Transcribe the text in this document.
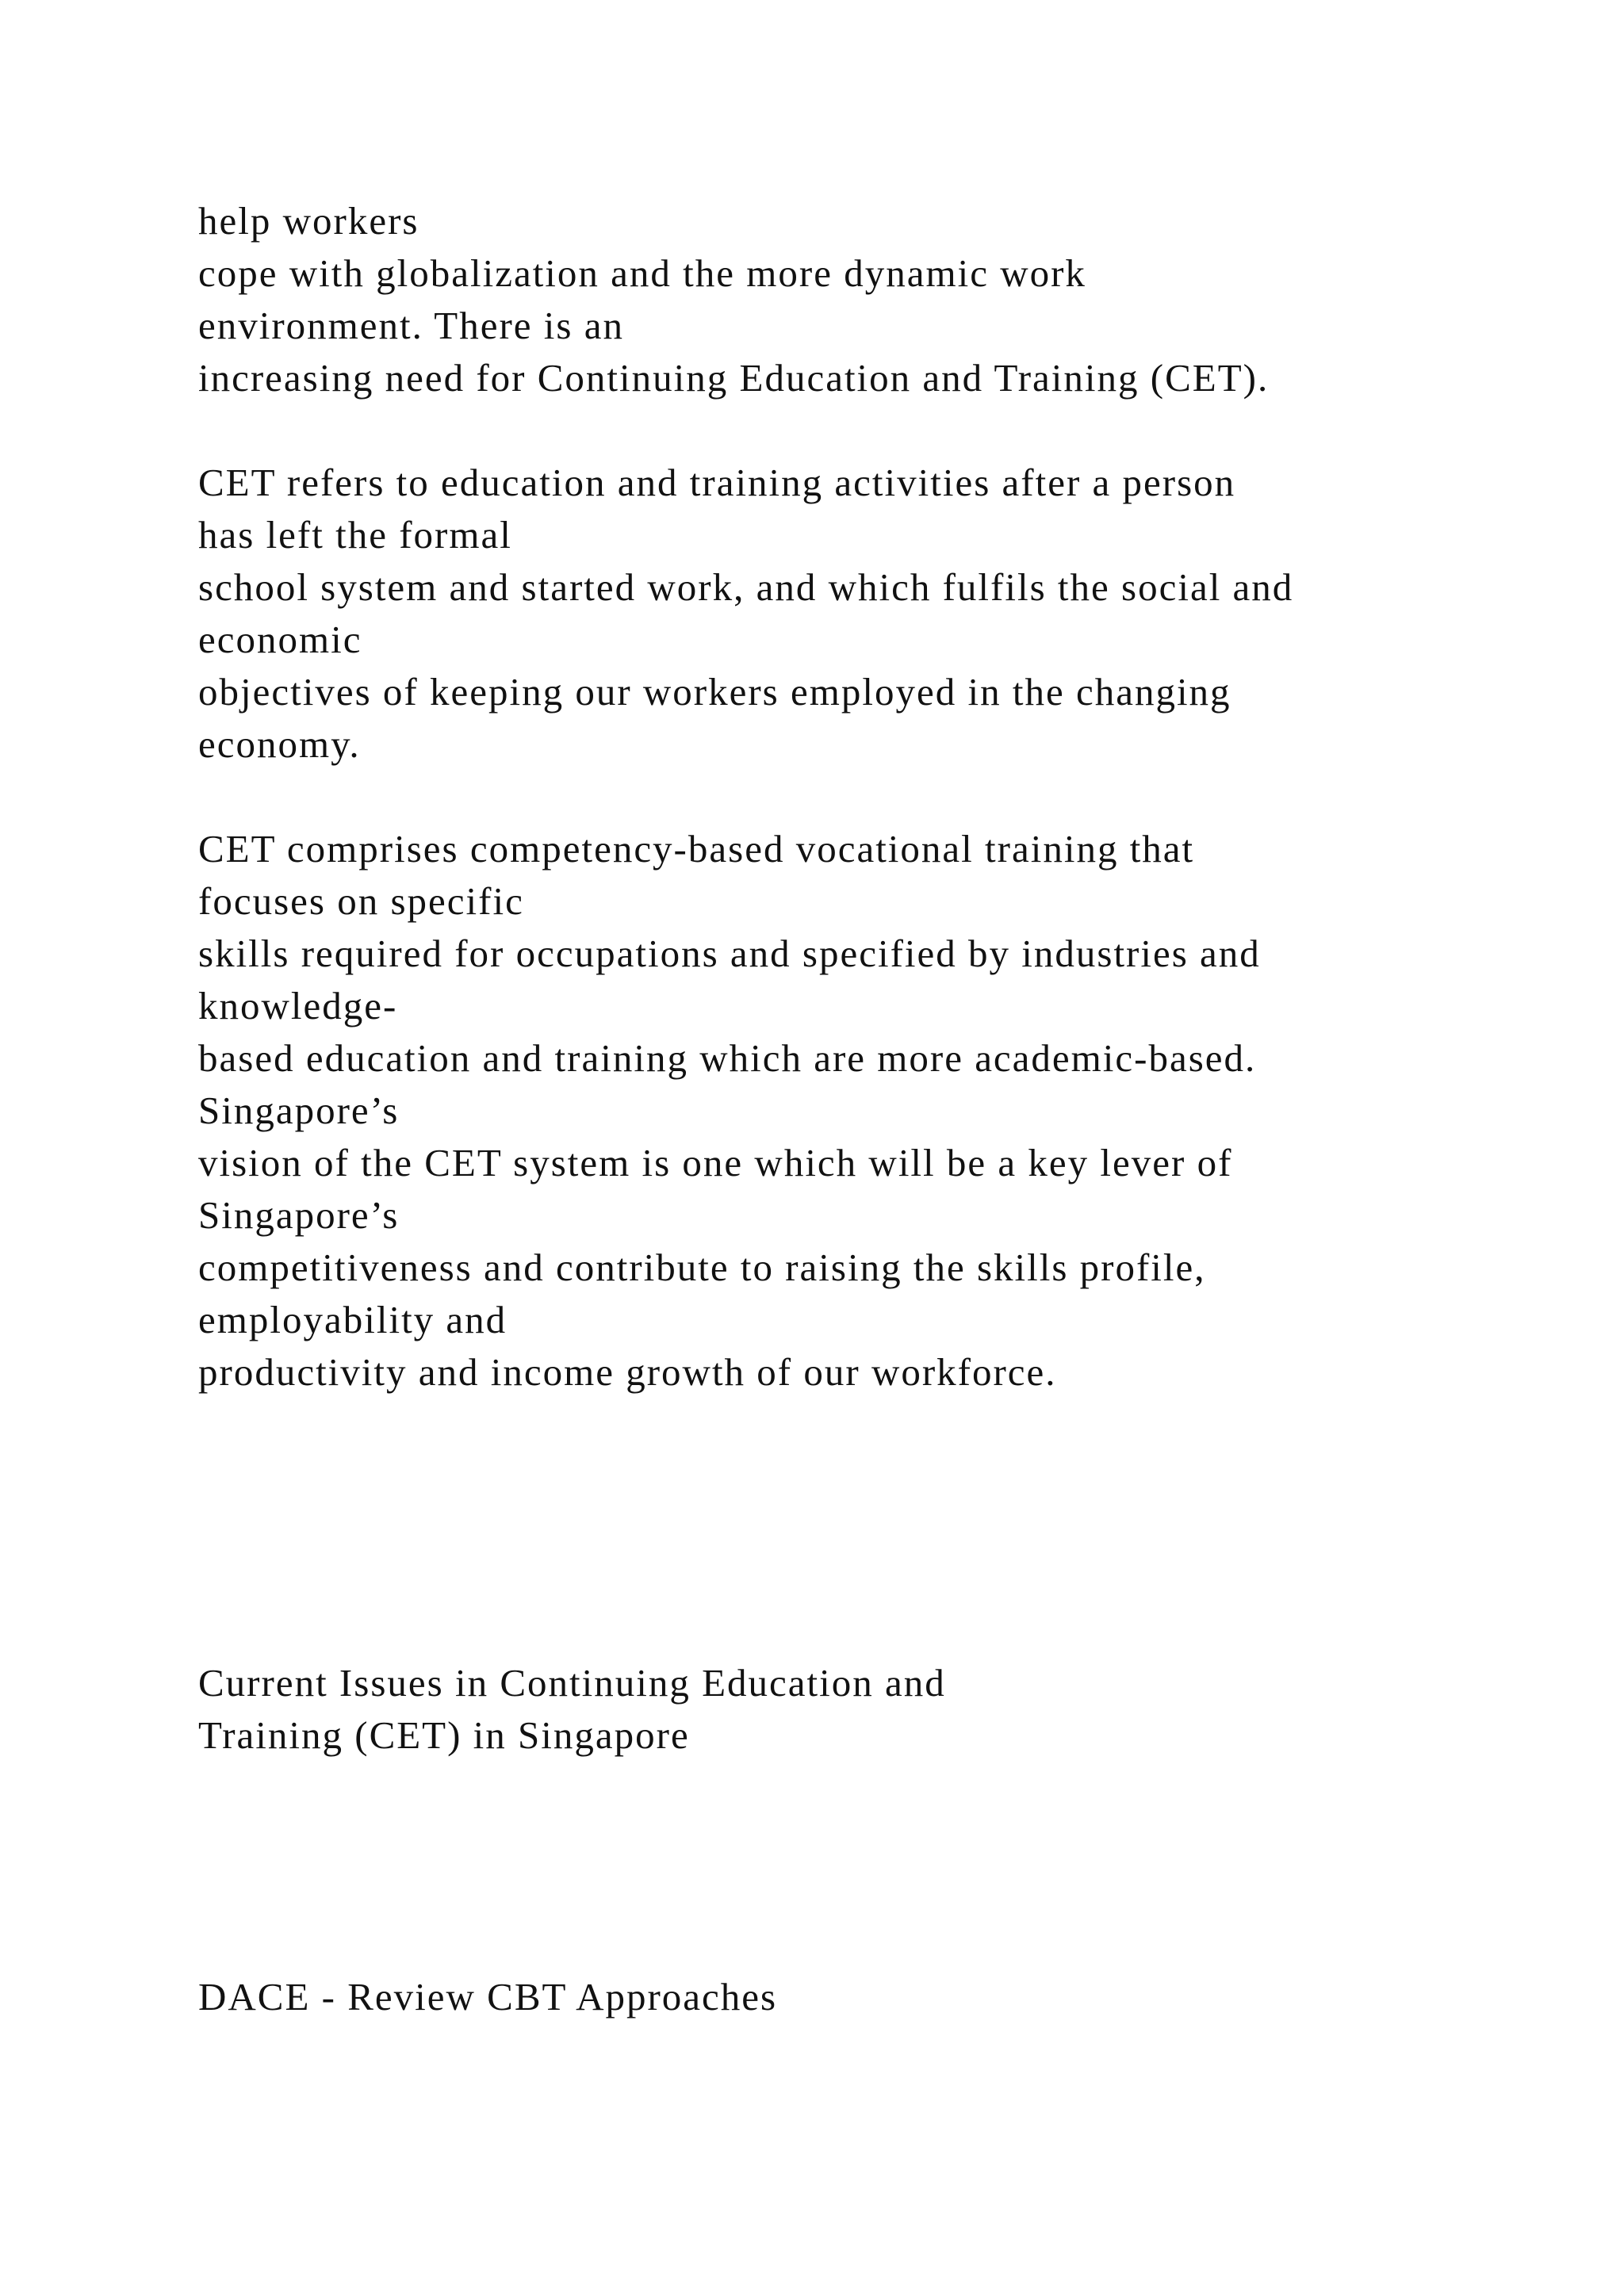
help workers
cope with globalization and the more dynamic work
environment. There is an
increasing need for Continuing Education and Training (CET).
CET refers to education and training activities after a person
has left the formal
school system and started work, and which fulfils the social and
economic
objectives of keeping our workers employed in the changing
economy.
CET comprises competency-based vocational training that
focuses on specific
skills required for occupations and specified by industries and
knowledge-
based education and training which are more academic-based.
Singapore’s
vision of the CET system is one which will be a key lever of
Singapore’s
competitiveness and contribute to raising the skills profile,
employability and
productivity and income growth of our workforce.
Current Issues in Continuing Education and
Training (CET) in Singapore
DACE - Review CBT Approaches
